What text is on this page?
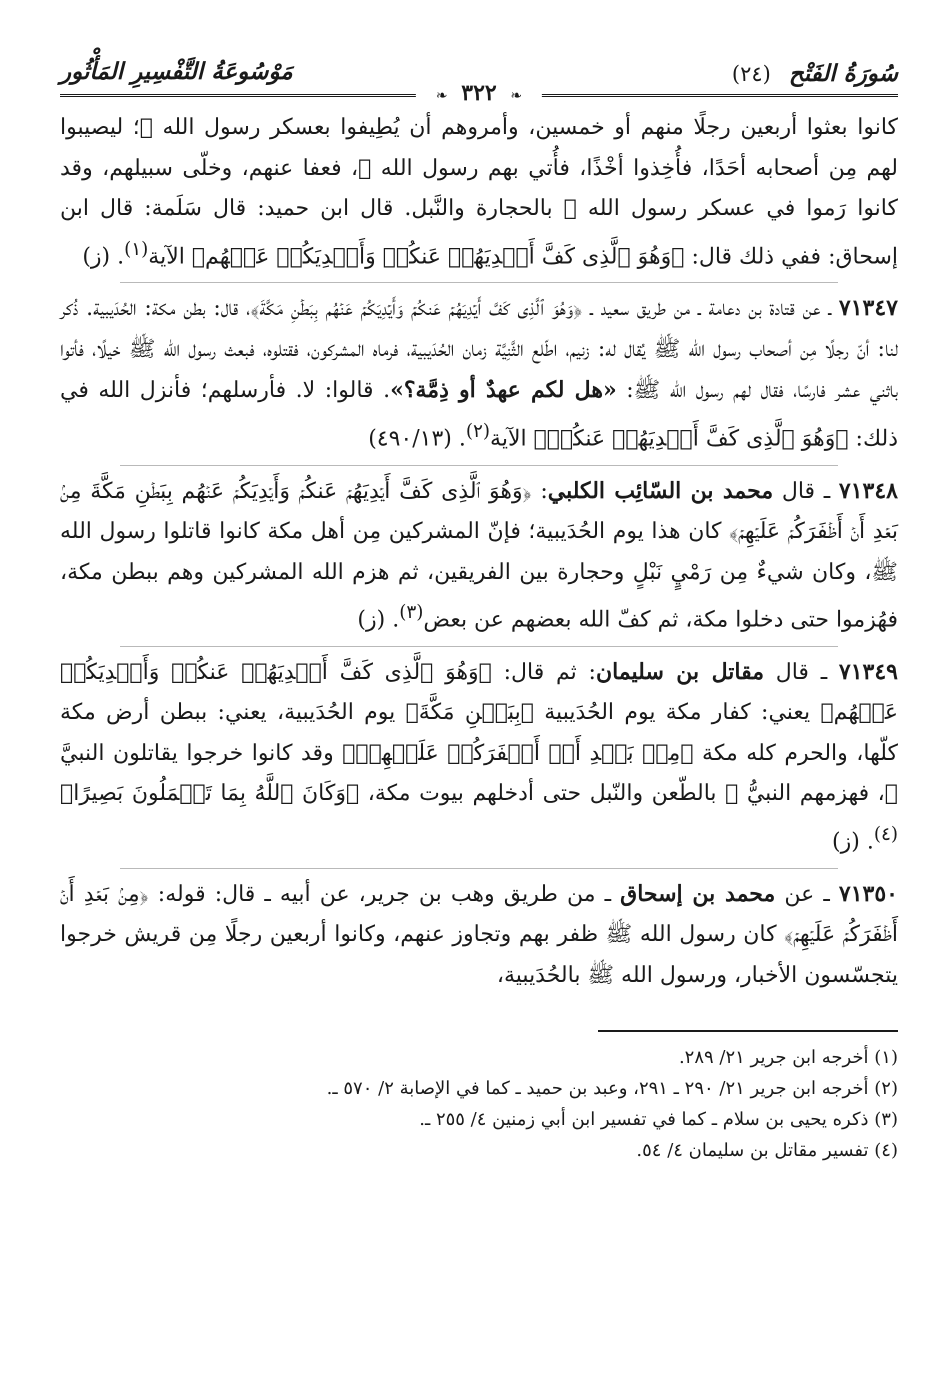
سُورَةُ الفَتْح (٢٤)
مَوْسُوعَةُ التَّفْسِيرِ المَأْثُور
❧ ٣٢٢ ❧

كانوا بعثوا أربعين رجلًا منهم أو خمسين، وأمروهم أن يُطِيفوا بعسكر رسول الله ﷺ؛ ليصيبوا لهم مِن أصحابه أحَدًا، فأُخِذوا أخْذًا، فأُتي بهم رسول الله ﷺ، فعفا عنهم، وخلّى سبيلهم، وقد كانوا رَموا في عسكر رسول الله ﷺ بالحجارة والنَّبل. قال ابن حميد: قال سَلَمة: قال ابن إسحاق: ففي ذلك قال: ﴿وَهُوَ ٱلَّذِى كَفَّ أَيۡدِيَهُمۡ عَنكُمۡ وَأَيۡدِيَكُمۡ عَنۡهُم﴾ الآية$^{(١)}$. (ز)

٧١٣٤٧ ـ عن قتادة بن دعامة ـ من طريق سعيد ـ ﴿وَهُوَ ٱلَّذِى كَفَّ أَيۡدِيَهُمۡ عَنكُمۡ وَأَيۡدِيَكُمۡ عَنۡهُم بِبَطۡنِ مَكَّةَ﴾، قال: بطن مكة: الحُدَيبية. ذُكر لنا: أنّ رجلًا مِن أصحاب رسول الله ﷺ يُقال له: زنيم، اطّلع الثَّنِيَّة زمان الحُدَيبية، فرماه المشركون، فقتلوه، فبعث رسول الله ﷺ خيلًا، فأتوا باثني عشر فارسًا، فقال لهم رسول الله ﷺ: «هل لكم عهدٌ أو ذِمَّة؟». قالوا: لا. فأرسلهم؛ فأنزل الله في ذلك: ﴿وَهُوَ ٱلَّذِى كَفَّ أَيۡدِيَهُمۡ عَنكُمۡ﴾ الآية$^{(٢)}$. (٤٩٠/١٣)

٧١٣٤٨ ـ قال محمد بن السّائِب الكلبي: ﴿وَهُوَ ٱلَّذِى كَفَّ أَيۡدِيَهُمۡ عَنكُمۡ وَأَيۡدِيَكُمۡ عَنۡهُم بِبَطۡنِ مَكَّةَ مِنۢ بَعۡدِ أَنۡ أَظۡفَرَكُمۡ عَلَيۡهِمۡ﴾ كان هذا يوم الحُدَيبية؛ فإنّ المشركين مِن أهل مكة كانوا قاتلوا رسول الله ﷺ، وكان شيءٌ مِن رَمْيٍ نَبْلٍ وحجارة بين الفريقين، ثم هزم الله المشركين وهم ببطن مكة، فهُزموا حتى دخلوا مكة، ثم كفّ الله بعضهم عن بعض$^{(٣)}$. (ز)

٧١٣٤٩ ـ قال مقاتل بن سليمان: ثم قال: ﴿وَهُوَ ٱلَّذِى كَفَّ أَيۡدِيَهُمۡ عَنكُمۡ وَأَيۡدِيَكُمۡ عَنۡهُم﴾ يعني: كفار مكة يوم الحُدَيبية ﴿بِبَطۡنِ مَكَّةَ﴾ يوم الحُدَيبية، يعني: ببطن أرض مكة كلّها، والحرم كله مكة ﴿مِنۢ بَعۡدِ أَنۡ أَظۡفَرَكُمۡ عَلَيۡهِمۡ﴾ وقد كانوا خرجوا يقاتلون النبيَّ ﷺ، فهزمهم النبيُّ ﷺ بالطّعن والنّبل حتى أدخلهم بيوت مكة، ﴿وَكَانَ ٱللَّهُ بِمَا تَعۡمَلُونَ بَصِيرًا﴾$^{(٤)}$. (ز)

٧١٣٥٠ ـ عن محمد بن إسحاق ـ من طريق وهب بن جرير، عن أبيه ـ قال: قوله: ﴿مِنۢ بَعۡدِ أَنۡ أَظۡفَرَكُمۡ عَلَيۡهِمۡ﴾ كان رسول الله ﷺ ظفر بهم وتجاوز عنهم، وكانوا أربعين رجلًا مِن قريش خرجوا يتجسّسون الأخبار، ورسول الله ﷺ بالحُدَيبية،

(١) أخرجه ابن جرير ٢١/ ٢٨٩.

(٢) أخرجه ابن جرير ٢١/ ٢٩٠ ـ ٢٩١، وعبد بن حميد ـ كما في الإصابة ٢/ ٥٧٠ ـ.

(٣) ذكره يحيى بن سلام ـ كما في تفسير ابن أبي زمنين ٤/ ٢٥٥ ـ.

(٤) تفسير مقاتل بن سليمان ٤/ ٥٤.
